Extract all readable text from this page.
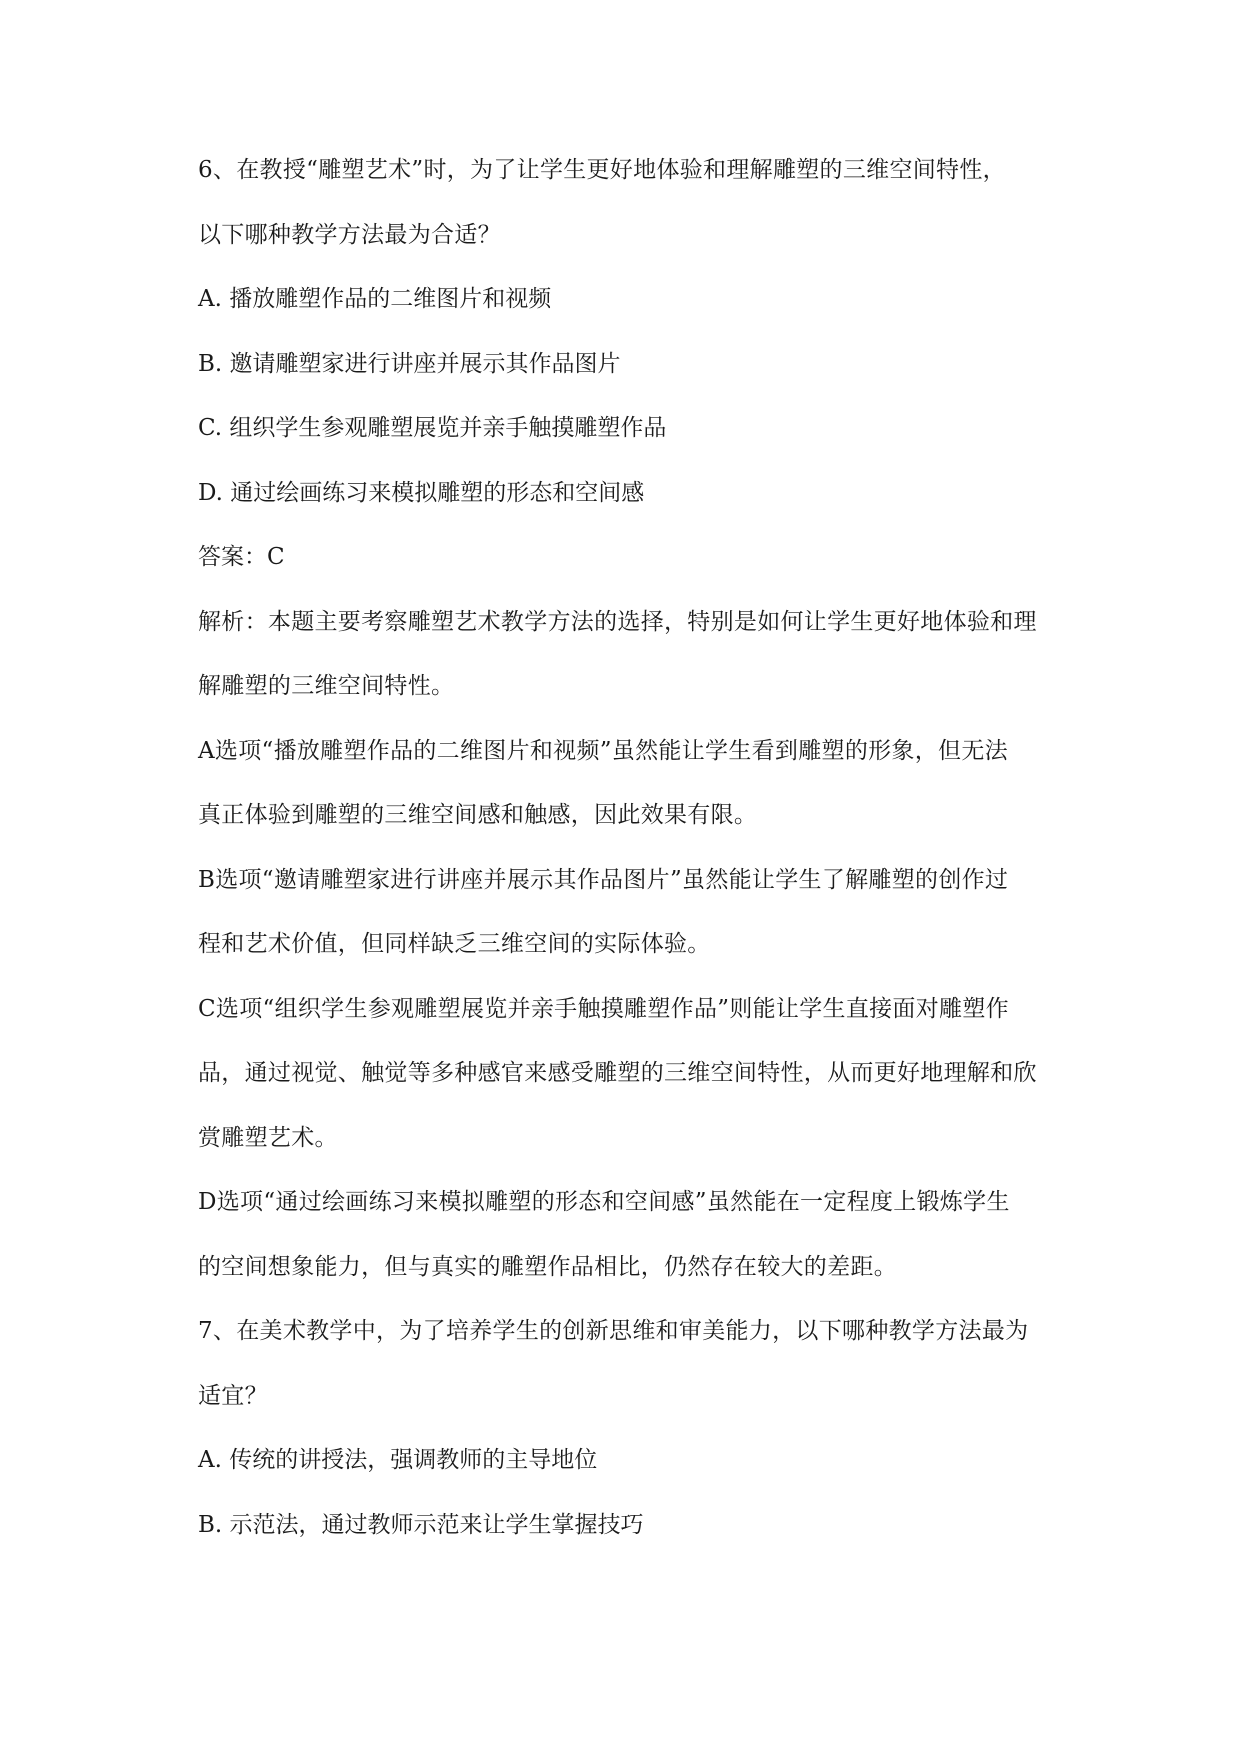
6、在教授“雕塑艺术”时，为了让学生更好地体验和理解雕塑的三维空间特性，
以下哪种教学方法最为合适？
A. 播放雕塑作品的二维图片和视频
B. 邀请雕塑家进行讲座并展示其作品图片
C. 组织学生参观雕塑展览并亲手触摸雕塑作品
D. 通过绘画练习来模拟雕塑的形态和空间感
答案：C
解析：本题主要考察雕塑艺术教学方法的选择，特别是如何让学生更好地体验和理
解雕塑的三维空间特性。
A选项“播放雕塑作品的二维图片和视频”虽然能让学生看到雕塑的形象，但无法
真正体验到雕塑的三维空间感和触感，因此效果有限。
B选项“邀请雕塑家进行讲座并展示其作品图片”虽然能让学生了解雕塑的创作过
程和艺术价值，但同样缺乏三维空间的实际体验。
C选项“组织学生参观雕塑展览并亲手触摸雕塑作品”则能让学生直接面对雕塑作
品，通过视觉、触觉等多种感官来感受雕塑的三维空间特性，从而更好地理解和欣
赏雕塑艺术。
D选项“通过绘画练习来模拟雕塑的形态和空间感”虽然能在一定程度上锻炼学生
的空间想象能力，但与真实的雕塑作品相比，仍然存在较大的差距。
7、在美术教学中，为了培养学生的创新思维和审美能力，以下哪种教学方法最为
适宜？
A. 传统的讲授法，强调教师的主导地位
B. 示范法，通过教师示范来让学生掌握技巧
